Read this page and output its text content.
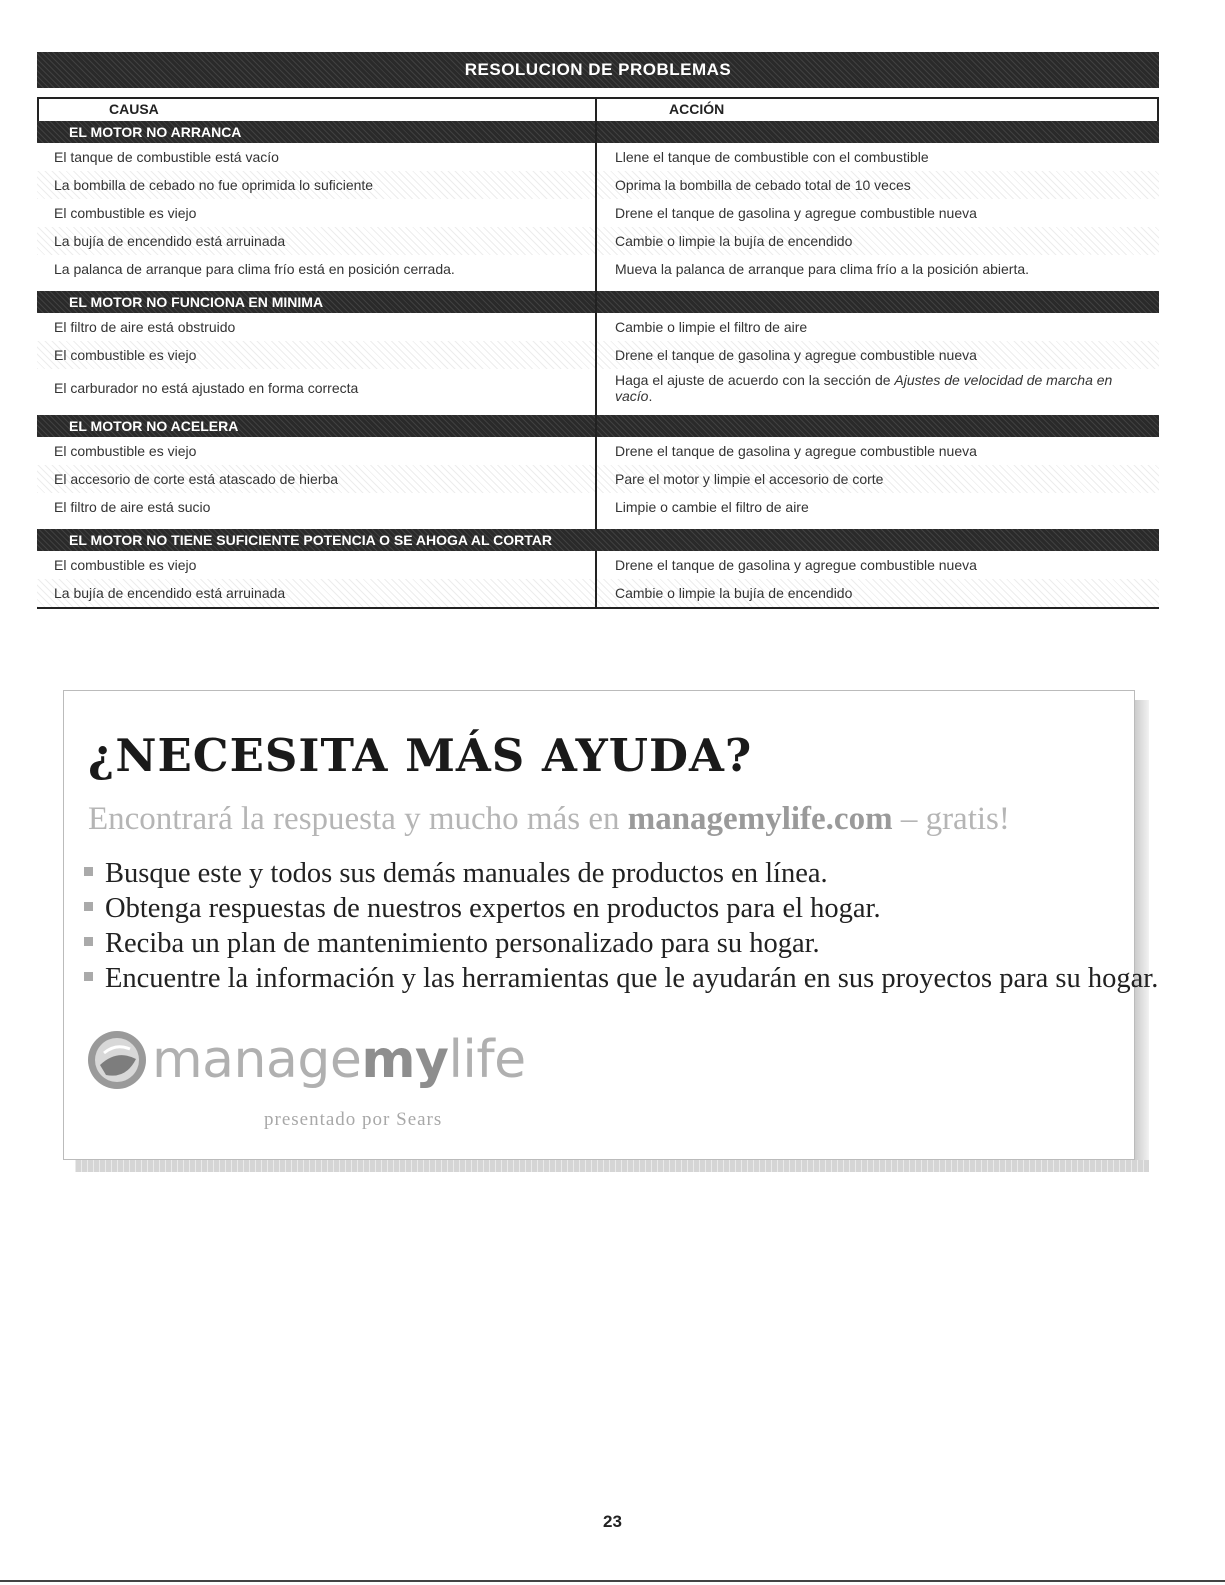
RESOLUCION DE PROBLEMAS
CAUSA	ACCIÓN
EL MOTOR NO ARRANCA
El tanque de combustible está vacío	Llene el tanque de combustible con el combustible
La bombilla de cebado no fue oprimida lo suficiente	Oprima la bombilla de cebado total de 10 veces
El combustible es viejo	Drene el tanque de gasolina y agregue combustible nueva
La bujía de encendido está arruinada	Cambie o limpie la bujía de encendido
La palanca de arranque para clima frío está en posición cerrada.	Mueva la palanca de arranque para clima frío a la posición abierta.
EL MOTOR NO FUNCIONA EN MINIMA
El filtro de aire está obstruido	Cambie o limpie el filtro de aire
El combustible es viejo	Drene el tanque de gasolina y agregue combustible nueva
El carburador no está ajustado en forma correcta	Haga el ajuste de acuerdo con la sección de Ajustes de velocidad de marcha en vacío.
EL MOTOR NO ACELERA
El combustible es viejo	Drene el tanque de gasolina y agregue combustible nueva
El accesorio de corte está atascado de hierba	Pare el motor y limpie el accesorio de corte
El filtro de aire está sucio	Limpie o cambie el filtro de aire
EL MOTOR NO TIENE SUFICIENTE POTENCIA O SE AHOGA AL CORTAR
El combustible es viejo	Drene el tanque de gasolina y agregue combustible nueva
La bujía de encendido está arruinada	Cambie o limpie la bujía de encendido
¿NECESITA MÁS AYUDA?
Encontrará la respuesta y mucho más en managemylife.com – gratis!
Busque este y todos sus demás manuales de productos en línea.
Obtenga respuestas de nuestros expertos en productos para el hogar.
Reciba un plan de mantenimiento personalizado para su hogar.
Encuentre la información y las herramientas que le ayudarán en sus proyectos para su hogar.
managemylife
presentado por Sears
23
